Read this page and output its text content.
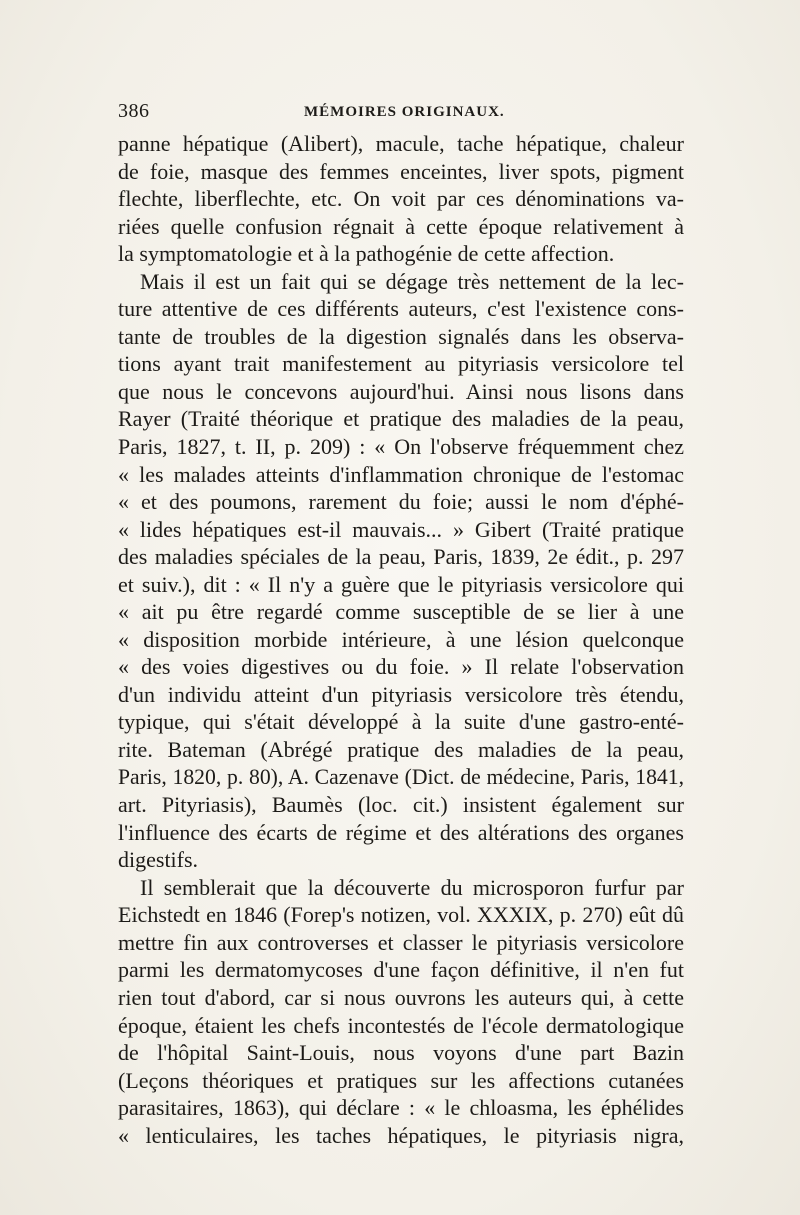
386	MÉMOIRES ORIGINAUX.
panne hépatique (Alibert), macule, tache hépatique, chaleur
de foie, masque des femmes enceintes, liver spots, pigment
flechte, liberflechte, etc. On voit par ces dénominations va-
riées quelle confusion régnait à cette époque relativement à
la symptomatologie et à la pathogénie de cette affection.
Mais il est un fait qui se dégage très nettement de la lec-
ture attentive de ces différents auteurs, c'est l'existence cons-
tante de troubles de la digestion signalés dans les observa-
tions ayant trait manifestement au pityriasis versicolore tel
que nous le concevons aujourd'hui. Ainsi nous lisons dans
Rayer (Traité théorique et pratique des maladies de la peau,
Paris, 1827, t. II, p. 209) : « On l'observe fréquemment chez
« les malades atteints d'inflammation chronique de l'estomac
« et des poumons, rarement du foie; aussi le nom d'éphé-
« lides hépatiques est-il mauvais... » Gibert (Traité pratique
des maladies spéciales de la peau, Paris, 1839, 2e édit., p. 297
et suiv.), dit : « Il n'y a guère que le pityriasis versicolore qui
« ait pu être regardé comme susceptible de se lier à une
« disposition morbide intérieure, à une lésion quelconque
« des voies digestives ou du foie. » Il relate l'observation
d'un individu atteint d'un pityriasis versicolore très étendu,
typique, qui s'était développé à la suite d'une gastro-enté-
rite. Bateman (Abrégé pratique des maladies de la peau,
Paris, 1820, p. 80), A. Cazenave (Dict. de médecine, Paris, 1841,
art. Pityriasis), Baumès (loc. cit.) insistent également sur
l'influence des écarts de régime et des altérations des organes
digestifs.
Il semblerait que la découverte du microsporon furfur par
Eichstedt en 1846 (Forep's notizen, vol. XXXIX, p. 270) eût dû
mettre fin aux controverses et classer le pityriasis versicolore
parmi les dermatomycoses d'une façon définitive, il n'en fut
rien tout d'abord, car si nous ouvrons les auteurs qui, à cette
époque, étaient les chefs incontestés de l'école dermatologique
de l'hôpital Saint-Louis, nous voyons d'une part Bazin
(Leçons théoriques et pratiques sur les affections cutanées
parasitaires, 1863), qui déclare : « le chloasma, les éphélides
« lenticulaires, les taches hépatiques, le pityriasis nigra,
